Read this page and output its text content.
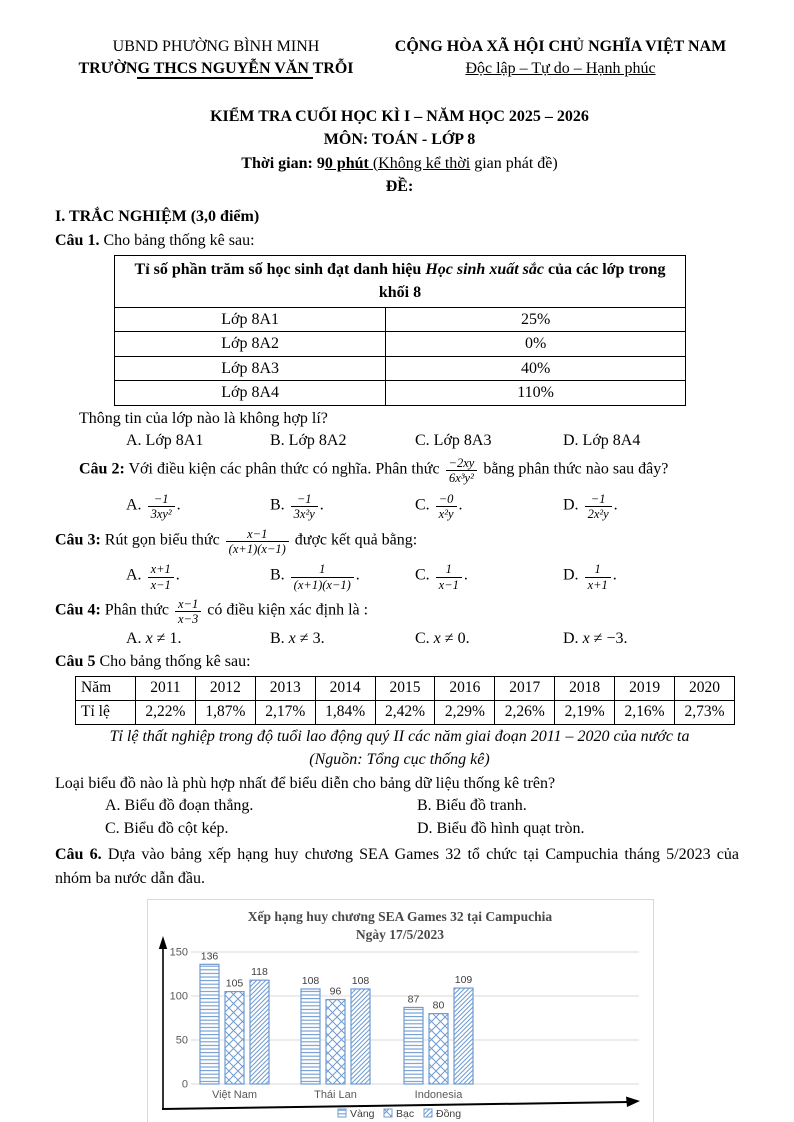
UBND PHƯỜNG BÌNH MINH
TRƯỜNG THCS NGUYỄN VĂN TRỖI
CỘNG HÒA XÃ HỘI CHỦ NGHĨA VIỆT NAM
Độc lập – Tự do – Hạnh phúc
KIỂM TRA CUỐI HỌC KÌ I – NĂM HỌC 2025 – 2026
MÔN: TOÁN - LỚP 8
Thời gian: 90 phút (Không kể thời gian phát đề)
ĐỀ:
I. TRẮC NGHIỆM (3,0 điểm)
Câu 1. Cho bảng thống kê sau:
Tỉ số phần trăm số học sinh đạt danh hiệu Học sinh xuất sắc của các lớp trong khối 8	
Lớp 8A1	25%
Lớp 8A2	0%
Lớp 8A3	40%
Lớp 8A4	110%
Thông tin của lớp nào là không hợp lí?
A. Lớp 8A1	B. Lớp 8A2	C. Lớp 8A3	D. Lớp 8A4
Câu 2: Với điều kiện các phân thức có nghĩa. Phân thức $\frac{-2xy}{\text{6x³y²}}$ bằng phân thức nào sau đây?
A. $\frac{-1}{\text{3xy²}}$ .	B. $\frac{-1}{\text{3x²y}}$ .	C. $\frac{-0}{\text{x²y}}$ .	D. $\frac{-1}{\text{2x²y}}$ .
Câu 3: Rút gọn biểu thức $\frac{x-1}{(x+1)(x-1)}$ được kết quả bằng:
A. $\frac{x+1}{x-1}$ .	B. $\frac{1}{(x+1)(x-1)}$ .	C. $\frac{1}{x-1}$ .	D. $\frac{1}{x+1}$ .
Câu 4: Phân thức $\frac{x-1}{x-3}$ có điều kiện xác định là :
A. x ≠ 1.	B. x ≠ 3.	C. x ≠ 0.	D. x ≠ −3.
Câu 5 Cho bảng thống kê sau:
Năm	2011	2012	2013	2014	2015	2016	2017	2018	2019	2020
Tỉ lệ	2,22%	1,87%	2,17%	1,84%	2,42%	2,29%	2,26%	2,19%	2,16%	2,73%
Tỉ lệ thất nghiệp trong độ tuổi lao động quý II các năm giai đoạn 2011 – 2020 của nước ta
(Nguồn: Tổng cục thống kê)
Loại biểu đồ nào là phù hợp nhất để biểu diễn cho bảng dữ liệu thống kê trên?
A. Biểu đồ đoạn thẳng.	B. Biểu đồ tranh.
C. Biểu đồ cột kép.	D. Biểu đồ hình quạt tròn.
Câu 6. Dựa vào bảng xếp hạng huy chương SEA Games 32 tổ chức tại Campuchia tháng 5/2023 của nhóm ba nước dẫn đầu.
Xếp hạng huy chương SEA Games 32 tại Campuchia
Ngày 17/5/2023
0
50
100
150 136
105
118
Việt Nam
108
96
108
Thái Lan
87
80
109
Indonesia
Vàng Bạc Đồng
